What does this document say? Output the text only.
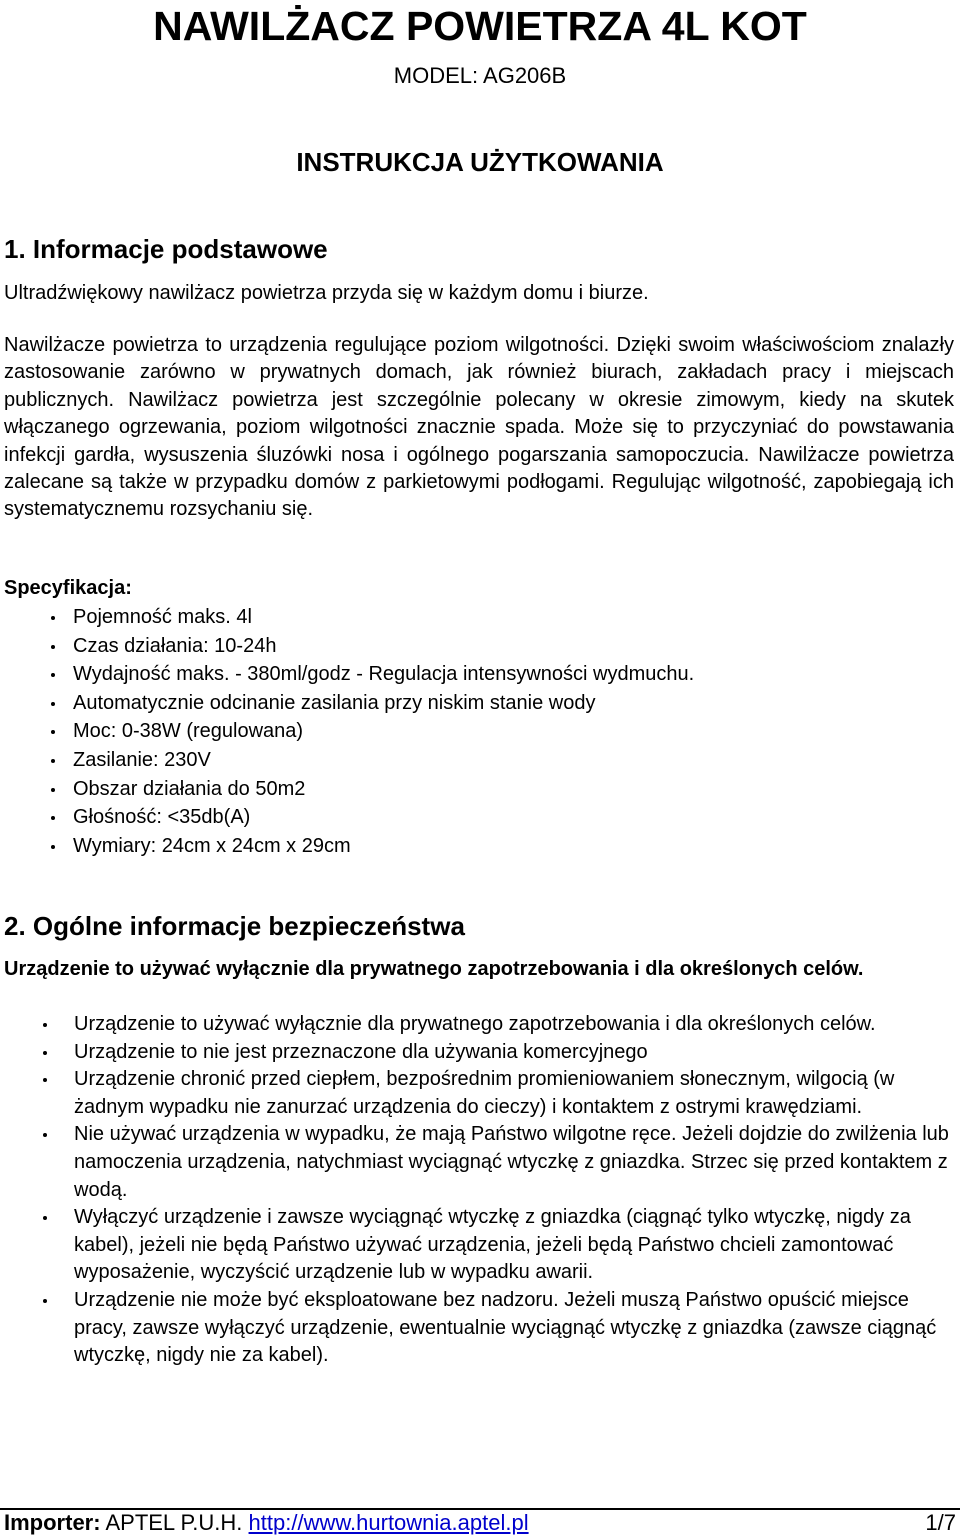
NAWILŻACZ POWIETRZA 4L KOT

MODEL: AG206B

INSTRUKCJA UŻYTKOWANIA
1. Informacje podstawowe

Ultradźwiękowy nawilżacz powietrza przyda się w każdym domu i biurze.

Nawilżacze powietrza to urządzenia regulujące poziom wilgotności. Dzięki swoim właściwościom znalazły zastosowanie zarówno w prywatnych domach, jak również biurach, zakładach pracy i miejscach publicznych. Nawilżacz powietrza jest szczególnie polecany w okresie zimowym, kiedy na skutek włączanego ogrzewania, poziom wilgotności znacznie spada. Może się to przyczyniać do powstawania infekcji gardła, wysuszenia śluzówki nosa i ogólnego pogarszania samopoczucia. Nawilżacze powietrza zalecane są także w przypadku domów z parkietowymi podłogami. Regulując wilgotność, zapobiegają ich systematycznemu rozsychaniu się.

Specyfikacja:

Pojemność maks. 4l
Czas działania: 10-24h
Wydajność maks. - 380ml/godz - Regulacja intensywności wydmuchu.
Automatycznie odcinanie zasilania przy niskim stanie wody
Moc: 0-38W (regulowana)
Zasilanie: 230V
Obszar działania do 50m2
Głośność: <35db(A)
Wymiary: 24cm x 24cm x 29cm
2. Ogólne informacje bezpieczeństwa

Urządzenie to używać wyłącznie dla prywatnego zapotrzebowania i dla określonych celów.

Urządzenie to używać wyłącznie dla prywatnego zapotrzebowania i dla określonych celów.
Urządzenie to nie jest przeznaczone dla używania komercyjnego
Urządzenie chronić przed ciepłem, bezpośrednim promieniowaniem słonecznym, wilgocią (w żadnym wypadku nie zanurzać urządzenia do cieczy) i kontaktem z ostrymi krawędziami.
Nie używać urządzenia w wypadku, że mają Państwo wilgotne ręce. Jeżeli dojdzie do zwilżenia lub namoczenia urządzenia, natychmiast wyciągnąć wtyczkę z gniazdka. Strzec się przed kontaktem z wodą.
Wyłączyć urządzenie i zawsze wyciągnąć wtyczkę z gniazdka (ciągnąć tylko wtyczkę, nigdy za kabel), jeżeli nie będą Państwo używać urządzenia, jeżeli będą Państwo chcieli zamontować wyposażenie, wyczyścić urządzenie lub w wypadku awarii.
Urządzenie nie może być eksploatowane bez nadzoru. Jeżeli muszą Państwo opuścić miejsce pracy, zawsze wyłączyć urządzenie, ewentualnie wyciągnąć wtyczkę z gniazdka (zawsze ciągnąć wtyczkę, nigdy nie za kabel).
Importer: APTEL P.U.H. http://www.hurtownia.aptel.pl	1/7
